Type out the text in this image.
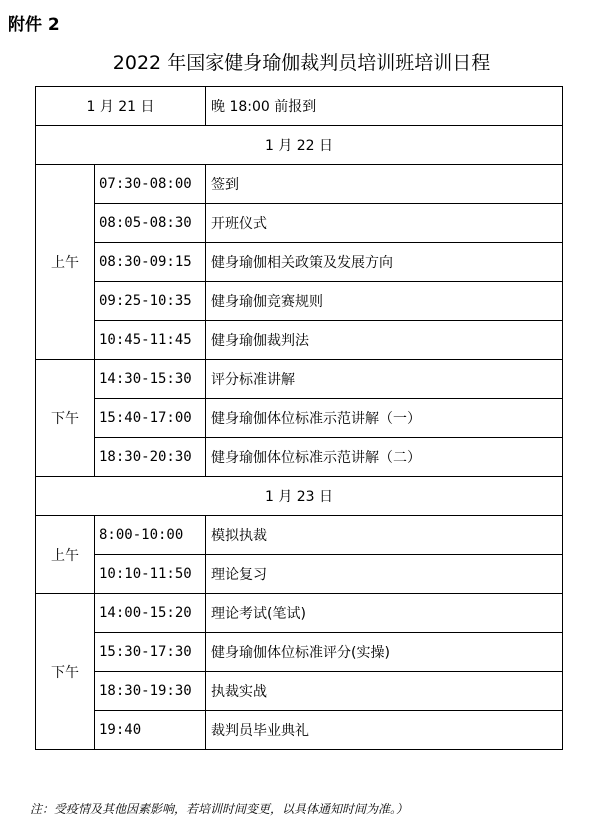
附件 2
2022 年国家健身瑜伽裁判员培训班培训日程
1 月 21 日		晚 18:00 前报到
1 月 22 日		
上午	07:30-08:00	签到
	08:05-08:30	开班仪式
	08:30-09:15	健身瑜伽相关政策及发展方向
	09:25-10:35	健身瑜伽竞赛规则
	10:45-11:45	健身瑜伽裁判法
下午	14:30-15:30	评分标准讲解
	15:40-17:00	健身瑜伽体位标准示范讲解（一）
	18:30-20:30	健身瑜伽体位标准示范讲解（二）
1 月 23 日		
上午	8:00-10:00	模拟执裁
	10:10-11:50	理论复习
下午	14:00-15:20	理论考试(笔试)
	15:30-17:30	健身瑜伽体位标准评分(实操)
	18:30-19:30	执裁实战
	19:40	裁判员毕业典礼
注：受疫情及其他因素影响，若培训时间变更，以具体通知时间为准。）
